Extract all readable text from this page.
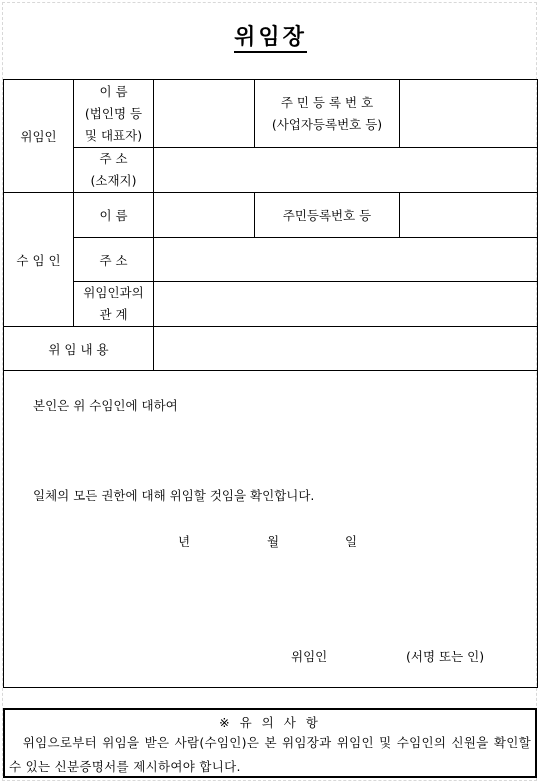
위임장
위임인	이 름
(법인명 등
및 대표자)		주 민 등 록 번 호
(사업자등록번호 등)	

	주 소
(소재지)			

수 임 인	이 름		주민등록번호 등	
	주 소			

	위임인과의
관 계			

위 임 내 용				

본인은 위 수임인에 대하여
일체의 모든 권한에 대해 위임할 것임을 확인합니다.
년	월	일
위임인	(서명 또는 인)
※ 유 의 사 항
　위임으로부터 위임을 받은 사람(수임인)은 본 위임장과 위임인 및 수임인의 신원을 확인할 수 있는 신분증명서를 제시하여야 합니다.
